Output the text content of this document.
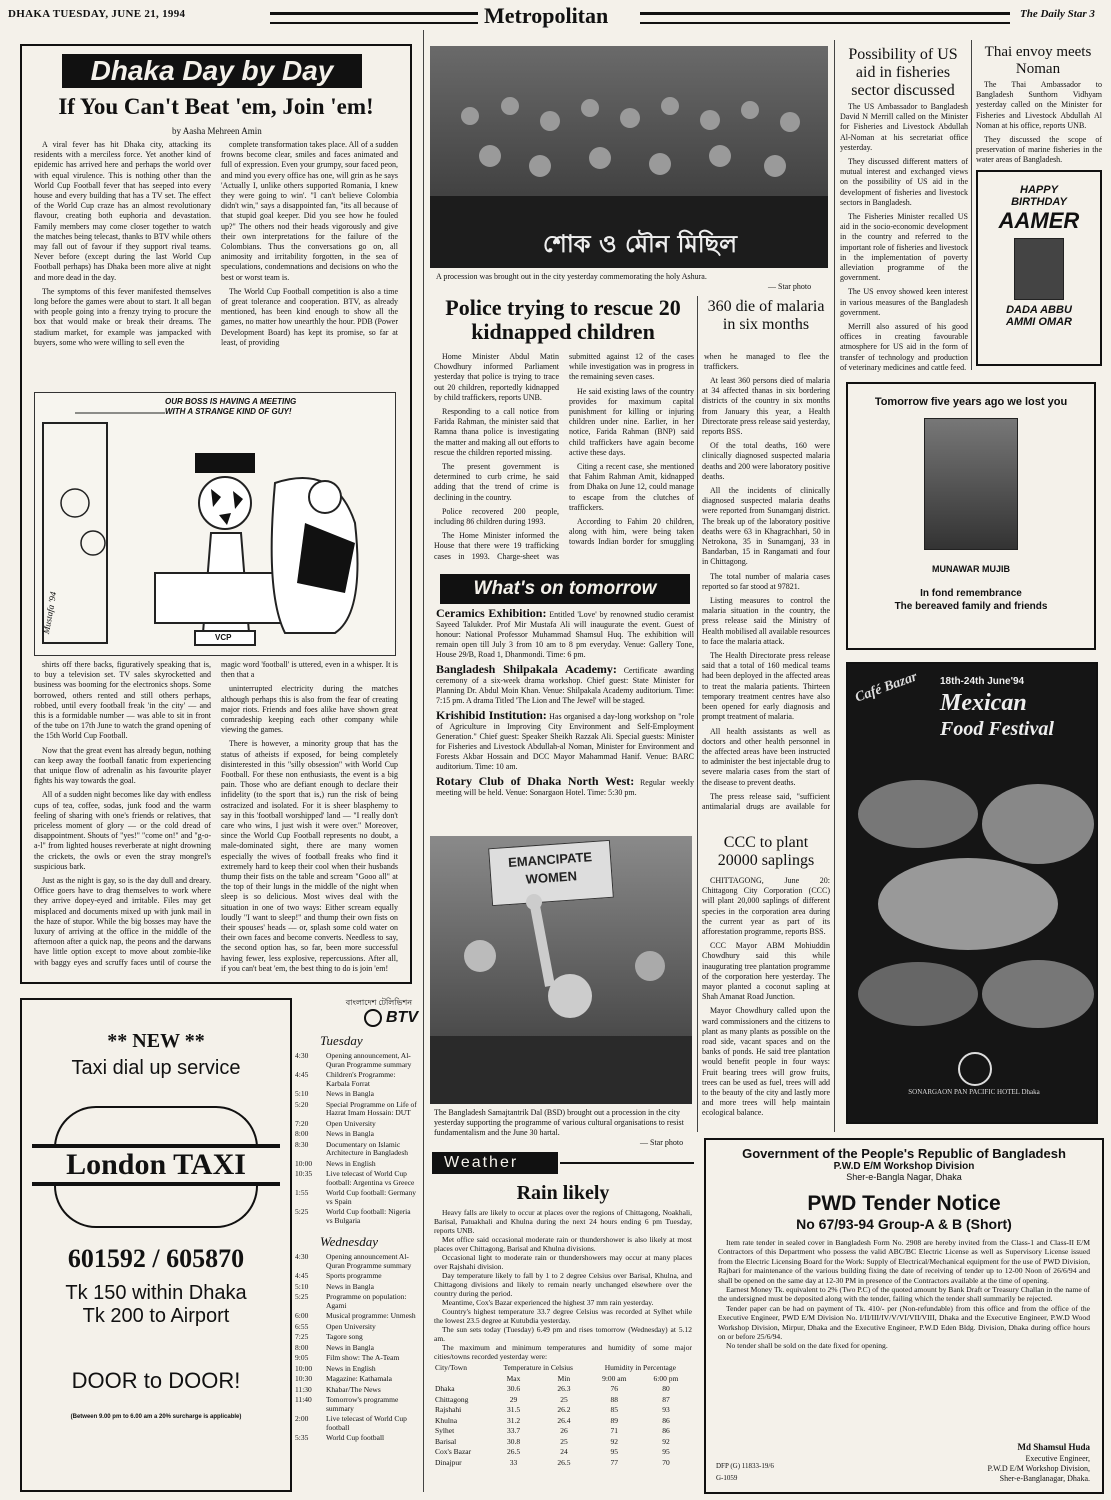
DHAKA TUESDAY, JUNE 21, 1994	Metropolitan	The Daily Star 3
Dhaka Day by Day
If You Can't Beat 'em, Join 'em!
by Aasha Mehreen Amin

A viral fever has hit Dhaka city, attacking its residents with a merciless force. Yet another kind of epidemic has arrived here and perhaps the world over with equal virulence. This is nothing other than the World Cup Football fever that has seeped into every house and every building that has a TV set. The effect of the World Cup craze has an almost revolutionary flavour, creating both euphoria and devastation. Family members may come closer together to watch the matches being telecast, thanks to BTV while others may fall out of favour if they support rival teams. Never before (except during the last World Cup Football perhaps) has Dhaka been more alive at night and more dead in the day.

The symptoms of this fever manifested themselves long before the games were about to start. It all began with people going into a frenzy trying to procure the box that would make or break their dreams. The stadium market, for example was jampacked with buyers, some who were willing to sell even the

complete transformation takes place. All of a sudden frowns become clear, smiles and faces animated and full of expression. Even your grumpy, sour faced peon, and mind you every office has one, will grin as he says 'Actually I, unlike others supported Romania, I knew they were going to win'. "I can't believe Colombia didn't win," says a disappointed fan, "its all because of that stupid goal keeper. Did you see how he fouled up?" The others nod their heads vigorously and give their own interpretations for the failure of the Colombians. Thus the conversations go on, all animosity and irritability forgotten, in the sea of speculations, condemnations and decisions on who the best or worst team is.

The World Cup Football competition is also a time of great tolerance and cooperation. BTV, as already mentioned, has been kind enough to show all the games, no matter how unearthly the hour. PDB (Power Development Board) has kept its promise, so far at least, of providing

OUR BOSS IS HAVING A MEETING WITH A STRANGE KIND OF GUY!
VCP
Mustafa '94

shirts off there backs, figuratively speaking that is, to buy a television set. TV sales skyrocketted and business was booming for the electronics shops. Some borrowed, others rented and still others perhaps, robbed, until every football freak 'in the city' — and this is a formidable number — was able to sit in front of the tube on 17th June to watch the grand opening of the 15th World Cup Football.

Now that the great event has already begun, nothing can keep away the football fanatic from experiencing that unique flow of adrenalin as his favourite player fights his way towards the goal.

All of a sudden night becomes like day with endless cups of tea, coffee, sodas, junk food and the warm feeling of sharing with one's friends or relatives, that priceless moment of glory — or the cold dread of disappointment. Shouts of "yes!" "come on!" and "g-o-a-l" from lighted houses reverberate at night drowning the crickets, the owls or even the stray mongrel's suspicious bark.

Just as the night is gay, so is the day dull and dreary. Office goers have to drag themselves to work where they arrive dopey-eyed and irritable. Files may get misplaced and documents mixed up with junk mail in the haze of stupor. While the big bosses may have the luxury of arriving at the office in the middle of the afternoon after a quick nap, the peons and the darwans have little option except to move about zombie-like with baggy eyes and scruffy faces until of course the magic word 'football' is uttered, even in a whisper. It is then that a

uninterrupted electricity during the matches although perhaps this is also from the fear of creating major riots. Friends and foes alike have shown great comradeship keeping each other company while viewing the games.

There is however, a minority group that has the status of atheists if exposed, for being completely disinterested in this "silly obsession" with World Cup Football. For these non enthusiasts, the event is a big pain. Those who are defiant enough to declare their infidelity (to the sport that is,) run the risk of being ostracized and isolated. For it is sheer blasphemy to say in this 'football worshipped' land — "I really don't care who wins, I just wish it were over." Moreover, since the World Cup Football represents no doubt, a male-dominated sight, there are many women especially the wives of football freaks who find it extremely hard to keep their cool when their husbands thump their fists on the table and scream "Gooo all" at the top of their lungs in the middle of the night when sleep is so delicious. Most wives deal with the situation in one of two ways: Either scream equally loudly "I want to sleep!" and thump their own fists on their spouses' heads — or, splash some cold water on their own faces and become converts. Needless to say, the second option has, so far, been more successful having fewer, less explosive, repercussions. After all, if you can't beat 'em, the best thing to do is join 'em!

শোক ও মৌন মিছিল
A procession was brought out in the city yesterday commemorating the holy Ashura.
— Star photo
Police trying to rescue 20 kidnapped children

Home Minister Abdul Matin Chowdhury informed Parliament yesterday that police is trying to trace out 20 children, reportedly kidnapped by child traffickers, reports UNB.

Responding to a call notice from Farida Rahman, the minister said that Ramna thana police is investigating the matter and making all out efforts to rescue the children reported missing.

The present government is determined to curb crime, he said adding that the trend of crime is declining in the country.

Police recovered 200 people, including 86 children during 1993.

The Home Minister informed the House that there were 19 trafficking cases in 1993. Charge-sheet was submitted against 12 of the cases while investigation was in progress in the remaining seven cases.

He said existing laws of the country provides for maximum capital punishment for killing or injuring children under nine. Earlier, in her notice, Farida Rahman (BNP) said child traffickers have again become active these days.

Citing a recent case, she mentioned that Fahim Rahman Amit, kidnapped from Dhaka on June 12, could manage to escape from the clutches of traffickers.

According to Fahim 20 children, along with him, were being taken towards Indian border for smuggling when he managed to flee the traffickers.

What's on tomorrow
Ceramics Exhibition: Entitled 'Love' by renowned studio ceramist Sayeed Talukder. Prof Mir Mustafa Ali will inaugurate the event. Guest of honour: National Professor Muhammad Shamsul Huq. The exhibition will remain open till July 3 from 10 am to 8 pm everyday. Venue: Gallery Tone, House 29/B, Road 1, Dhanmondi. Time: 6 pm.
Bangladesh Shilpakala Academy: Certificate awarding ceremony of a six-week drama workshop. Chief guest: State Minister for Planning Dr. Abdul Moin Khan. Venue: Shilpakala Academy auditorium. Time: 7:15 pm. A drama Titled 'The Lion and The Jewel' will be staged.
Krishibid Institution: Has organised a day-long workshop on "role of Agriculture in Improving City Environment and Self-Employment Generation." Chief guest: Speaker Sheikh Razzak Ali. Special guests: Minister for Fisheries and Livestock Abdullah-al Noman, Minister for Environment and Forests Akbar Hossain and DCC Mayor Mahammad Hanif. Venue: BARC auditorium. Time: 10 am.
Rotary Club of Dhaka North West: Regular weekly meeting will be held. Venue: Sonargaon Hotel. Time: 5:30 pm.
EMANCIPATE WOMEN
The Bangladesh Samajtantrik Dal (BSD) brought out a procession in the city yesterday supporting the programme of various cultural organisations to resist fundamentalism and the June 30 hartal.
— Star photo
360 die of malaria in six months

At least 360 persons died of malaria at 34 affected thanas in six bordering districts of the country in six months from January this year, a Health Directorate press release said yesterday, reports BSS.

Of the total deaths, 160 were clinically diagnosed suspected malaria deaths and 200 were laboratory positive deaths.

All the incidents of clinically diagnosed suspected malaria deaths were reported from Sunamganj district. The break up of the laboratory positive deaths were 63 in Khagrachhari, 50 in Netrokona, 35 in Sunamganj, 33 in Bandarban, 15 in Rangamati and four in Chittagong.

The total number of malaria cases reported so far stood at 97821.

Listing measures to control the malaria situation in the country, the press release said the Ministry of Health mobilised all available resources to face the malaria attack.

The Health Directorate press release said that a total of 160 medical teams had been deployed in the affected areas to treat the malaria patients. Thirteen temporary treatment centres have also been opened for early diagnosis and prompt treatment of malaria.

All health assistants as well as doctors and other health personnel in the affected areas have been instructed to administer the best injectable drug to severe malaria cases from the start of the disease to prevent deaths.

The press release said, "sufficient antimalarial drugs are available for

CCC to plant 20000 saplings

CHITTAGONG, June 20: Chittagong City Corporation (CCC) will plant 20,000 saplings of different species in the corporation area during the current year as part of its afforestation programme, reports BSS.

CCC Mayor ABM Mohiuddin Chowdhury said this while inaugurating tree plantation programme of the corporation here yesterday. The mayor planted a coconut sapling at Shah Amanat Road Junction.

Mayor Chowdhury called upon the ward commissioners and the citizens to plant as many plants as possible on the road side, vacant spaces and on the banks of ponds. He said tree plantation would benefit people in four ways: Fruit bearing trees will grow fruits, trees can be used as fuel, trees will add to the beauty of the city and lastly more and more trees will help maintain ecological balance.

Possibility of US aid in fisheries sector discussed

The US Ambassador to Bangladesh David N Merrill called on the Minister for Fisheries and Livestock Abdullah Al-Noman at his secretariat office yesterday.

They discussed different matters of mutual interest and exchanged views on the possibility of US aid in the development of fisheries and livestock sectors in Bangladesh.

The Fisheries Minister recalled US aid in the socio-economic development in the country and referred to the important role of fisheries and livestock in the implementation of poverty alleviation programme of the government.

The US envoy showed keen interest in various measures of the Bangladesh government.

Merrill also assured of his good offices in creating favourable atmosphere for US aid in the form of transfer of technology and production of veterinary medicines and cattle feed.

Thai envoy meets Noman

The Thai Ambassador to Bangladesh Sunthorn Vidhyam yesterday called on the Minister for Fisheries and Livestock Abdullah Al Noman at his office, reports UNB.

They discussed the scope of preservation of marine fisheries in the water areas of Bangladesh.

HAPPY
BIRTHDAY
AAMER
DADA ABBU
AMMI OMAR
Tomorrow five years ago we lost you
MUNAWAR MUJIB
In fond remembrance
The bereaved family and friends
Café Bazar 18th-24th June'94
Mexican
Food Festival
SONARGAON PAN PACIFIC HOTEL Dhaka
** NEW **
Taxi dial up service
London TAXI
601592 / 605870
Tk 150 within Dhaka
Tk 200 to Airport
DOOR to DOOR!
(Between 9.00 pm to 6.00 am a 20% surcharge is applicable)
বাংলাদেশ টেলিভিশন
BTV
Tuesday
4:30	Opening announcement, Al-Quran Programme summary
4:45	Children's Programme: Karbala Forrat
5:10	News in Bangla
5:20	Special Programme on Life of Hazrat Imam Hossain: DUT
7:20	Open University
8:00	News in Bangla
8:30	Documentary on Islamic Architecture in Bangladesh
10:00	News in English
10:35	Live telecast of World Cup football: Argentina vs Greece
1:55	World Cup football: Germany vs Spain
5:25	World Cup football: Nigeria vs Bulgaria
Wednesday
4:30	Opening announcement Al-Quran Programme summary
4:45	Sports programme
5:10	News in Bangla
5:25	Programme on population: Agami
6:00	Musical programme: Unmesh
6:55	Open University
7:25	Tagore song
8:00	News in Bangla
9:05	Film show: The A-Team
10:00	News in English
10:30	Magazine: Kathamala
11:30	Khabar/The News
11:40	Tomorrow's programme summary
2:00	Live telecast of World Cup football
5:35	World Cup football
Weather
Rain likely

Heavy falls are likely to occur at places over the regions of Chittagong, Noakhali, Barisal, Patuakhali and Khulna during the next 24 hours ending 6 pm Tuesday, reports UNB.

Met office said occasional moderate rain or thundershower is also likely at most places over Chittagong, Barisal and Khulna divisions.

Occasional light to moderate rain or thundershowers may occur at many places over Rajshahi division.

Day temperature likely to fall by 1 to 2 degree Celsius over Barisal, Khulna, and Chittagong divisions and likely to remain nearly unchanged elsewhere over the country during the period.

Meantime, Cox's Bazar experienced the highest 37 mm rain yesterday.

Country's highest temperature 33.7 degree Celsius was recorded at Sylhet while the lowest 23.5 degree at Kutubdia yesterday.

The sun sets today (Tuesday) 6.49 pm and rises tomorrow (Wednesday) at 5.12 am.

The maximum and minimum temperatures and humidity of some major cities/towns recorded yesterday were:

City/Town	Temperature in Celsius		Humidity in Percentage	
	Max	Min	9:00 am	6:00 pm
Dhaka	30.6	26.3	76	80
Chittagong	29	25	88	87
Rajshahi	31.5	26.2	85	93
Khulna	31.2	26.4	89	86
Sylhet	33.7	26	71	86
Barisal	30.8	25	92	92
Cox's Bazar	26.5	24	95	95
Dinajpur	33	26.5	77	70
Government of the People's Republic of Bangladesh
P.W.D E/M Workshop Division
Sher-e-Bangla Nagar, Dhaka
PWD Tender Notice
No 67/93-94 Group-A & B (Short)

Item rate tender in sealed cover in Bangladesh Form No. 2908 are hereby invited from the Class-1 and Class-II E/M Contractors of this Department who possess the valid ABC/BC Electric License as well as Supervisory License issued from the Electric Licensing Board for the Work: Supply of Electrical/Mechanical equipment for the use of PWD Division, Rajbari for maintenance of the various building fixing the date of receiving of tender up to 12-00 Noon of 26/6/94 and shall be opened on the same day at 12-30 PM in presence of the Contractors available at the time of opening.

Earnest Money Tk. equivalent to 2% (Two P.C) of the quoted amount by Bank Draft or Treasury Challan in the name of the undersigned must be deposited along with the tender, failing which the tender shall summarily be rejected.

Tender paper can be had on payment of Tk. 410/- per (Non-refundable) from this office and from the office of the Executive Engineer, PWD E/M Division No. I/II/III/IV/V/VI/VII/VIII, Dhaka and the Executive Engineer, P.W.D Wood Workshop Division, Mirpur, Dhaka and the Executive Engineer, P.W.D Eden Bldg. Division, Dhaka during office hours on or before 25/6/94.

No tender shall be sold on the date fixed for opening.

Md Shamsul Huda
Executive Engineer,
P.W.D E/M Workshop Division,
Sher-e-Banglanagar, Dhaka.
DFP (G) 11833-19/6
G-1059
